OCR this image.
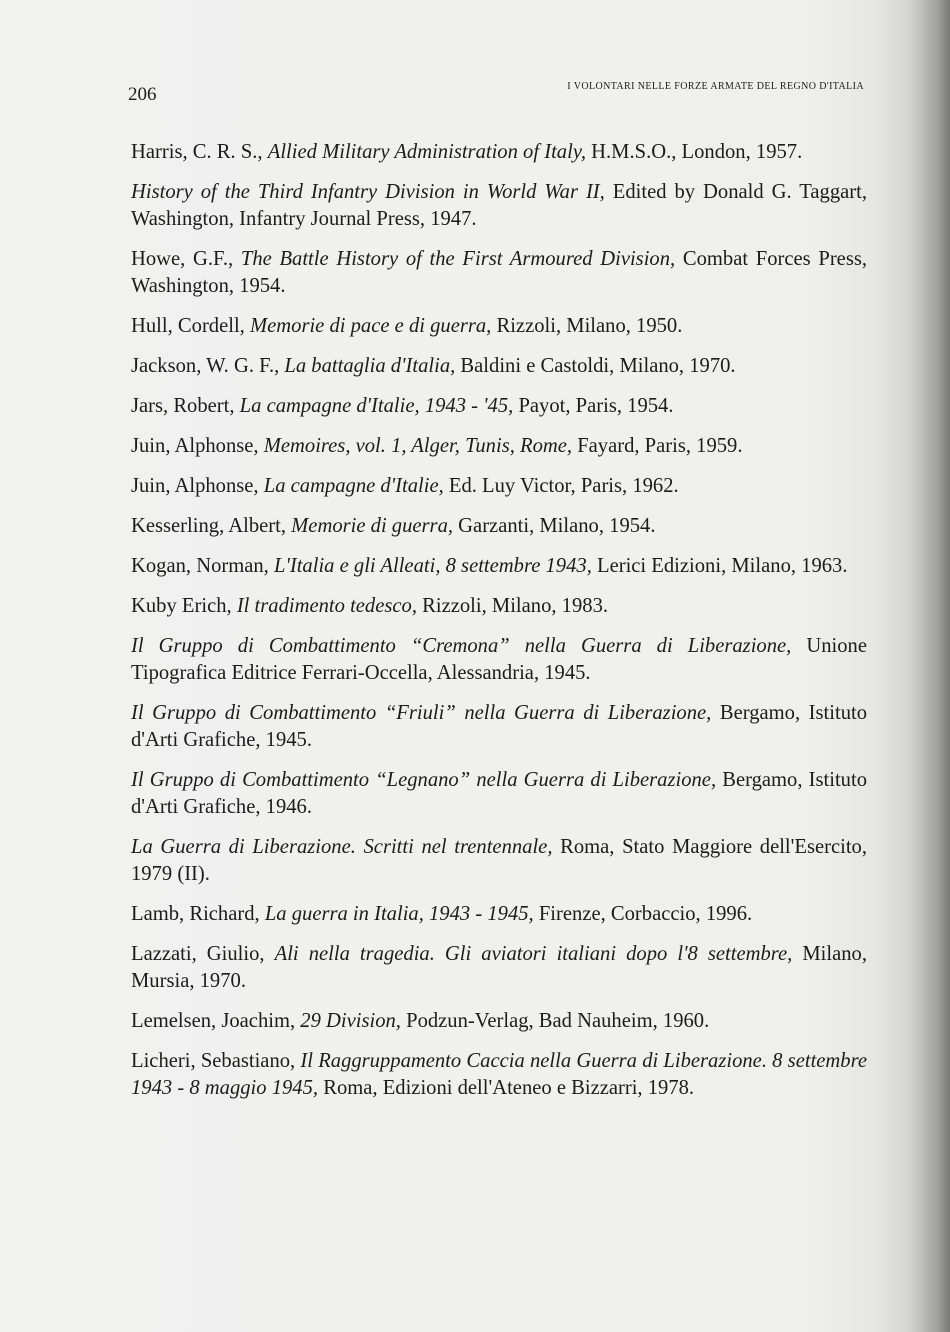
206	I VOLONTARI NELLE FORZE ARMATE DEL REGNO D'ITALIA

Harris, C. R. S., Allied Military Administration of Italy, H.M.S.O., London, 1957.

History of the Third Infantry Division in World War II, Edited by Donald G. Taggart, Washington, Infantry Journal Press, 1947.

Howe, G.F., The Battle History of the First Armoured Division, Combat Forces Press, Washington, 1954.

Hull, Cordell, Memorie di pace e di guerra, Rizzoli, Milano, 1950.

Jackson, W. G. F., La battaglia d'Italia, Baldini e Castoldi, Milano, 1970.

Jars, Robert, La campagne d'Italie, 1943 - '45, Payot, Paris, 1954.

Juin, Alphonse, Memoires, vol. 1, Alger, Tunis, Rome, Fayard, Paris, 1959.

Juin, Alphonse, La campagne d'Italie, Ed. Luy Victor, Paris, 1962.

Kesserling, Albert, Memorie di guerra, Garzanti, Milano, 1954.

Kogan, Norman, L'Italia e gli Alleati, 8 settembre 1943, Lerici Edizioni, Milano, 1963.

Kuby Erich, Il tradimento tedesco, Rizzoli, Milano, 1983.

Il Gruppo di Combattimento “Cremona” nella Guerra di Liberazione, Unione Tipografica Editrice Ferrari-Occella, Alessandria, 1945.

Il Gruppo di Combattimento “Friuli” nella Guerra di Liberazione, Bergamo, Istituto d'Arti Grafiche, 1945.

Il Gruppo di Combattimento “Legnano” nella Guerra di Liberazione, Bergamo, Istituto d'Arti Grafiche, 1946.

La Guerra di Liberazione. Scritti nel trentennale, Roma, Stato Maggiore dell'Esercito, 1979 (II).

Lamb, Richard, La guerra in Italia, 1943 - 1945, Firenze, Corbaccio, 1996.

Lazzati, Giulio, Ali nella tragedia. Gli aviatori italiani dopo l'8 settembre, Milano, Mursia, 1970.

Lemelsen, Joachim, 29 Division, Podzun-Verlag, Bad Nauheim, 1960.

Licheri, Sebastiano, Il Raggruppamento Caccia nella Guerra di Liberazione. 8 settembre 1943 - 8 maggio 1945, Roma, Edizioni dell'Ateneo e Bizzarri, 1978.
